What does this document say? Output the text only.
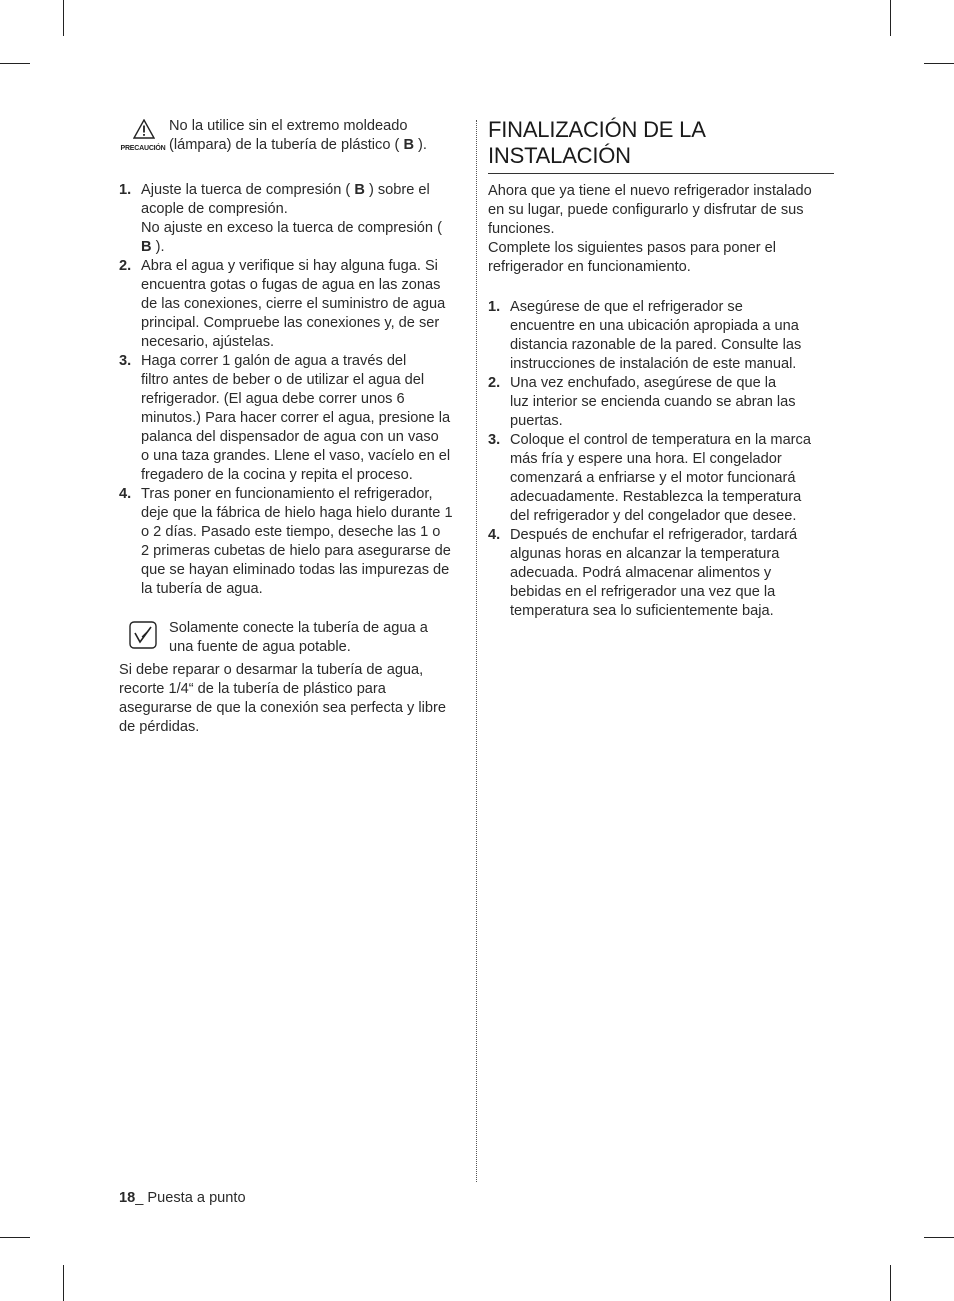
PRECAUCIÓN
No la utilice sin el extremo moldeado
(lámpara) de la tubería de plástico ( B ).
1. Ajuste la tuerca de compresión ( B ) sobre el
acople de compresión.
No ajuste en exceso la tuerca de compresión (
B ).
2. Abra el agua y verifique si hay alguna fuga. Si
encuentra gotas o fugas de agua en las zonas
de las conexiones, cierre el suministro de agua
principal. Compruebe las conexiones y, de ser
necesario, ajústelas.
3. Haga correr 1 galón de agua a través del
filtro antes de beber o de utilizar el agua del
refrigerador. (El agua debe correr unos 6
minutos.) Para hacer correr el agua, presione la
palanca del dispensador de agua con un vaso
o una taza grandes. Llene el vaso, vacíelo en el
fregadero de la cocina y repita el proceso.
4. Tras poner en funcionamiento el refrigerador,
deje que la fábrica de hielo haga hielo durante 1
o 2 días. Pasado este tiempo, deseche las 1 o
2 primeras cubetas de hielo para asegurarse de
que se hayan eliminado todas las impurezas de
la tubería de agua.
Solamente conecte la tubería de agua a
una fuente de agua potable.
Si debe reparar o desarmar la tubería de agua,
recorte 1/4“ de la tubería de plástico para
asegurarse de que la conexión sea perfecta y libre
de pérdidas.
FINALIZACIÓN DE LA
INSTALACIÓN
Ahora que ya tiene el nuevo refrigerador instalado
en su lugar, puede configurarlo y disfrutar de sus
funciones.
Complete los siguientes pasos para poner el
refrigerador en funcionamiento.
1. Asegúrese de que el refrigerador se
encuentre en una ubicación apropiada a una
distancia razonable de la pared. Consulte las
instrucciones de instalación de este manual.
2. Una vez enchufado, asegúrese de que la
luz interior se encienda cuando se abran las
puertas.
3. Coloque el control de temperatura en la marca
más fría y espere una hora. El congelador
comenzará a enfriarse y el motor funcionará
adecuadamente. Restablezca la temperatura
del refrigerador y del congelador que desee.
4. Después de enchufar el refrigerador, tardará
algunas horas en alcanzar la temperatura
adecuada. Podrá almacenar alimentos y
bebidas en el refrigerador una vez que la
temperatura sea lo suficientemente baja.
18_ Puesta a punto
